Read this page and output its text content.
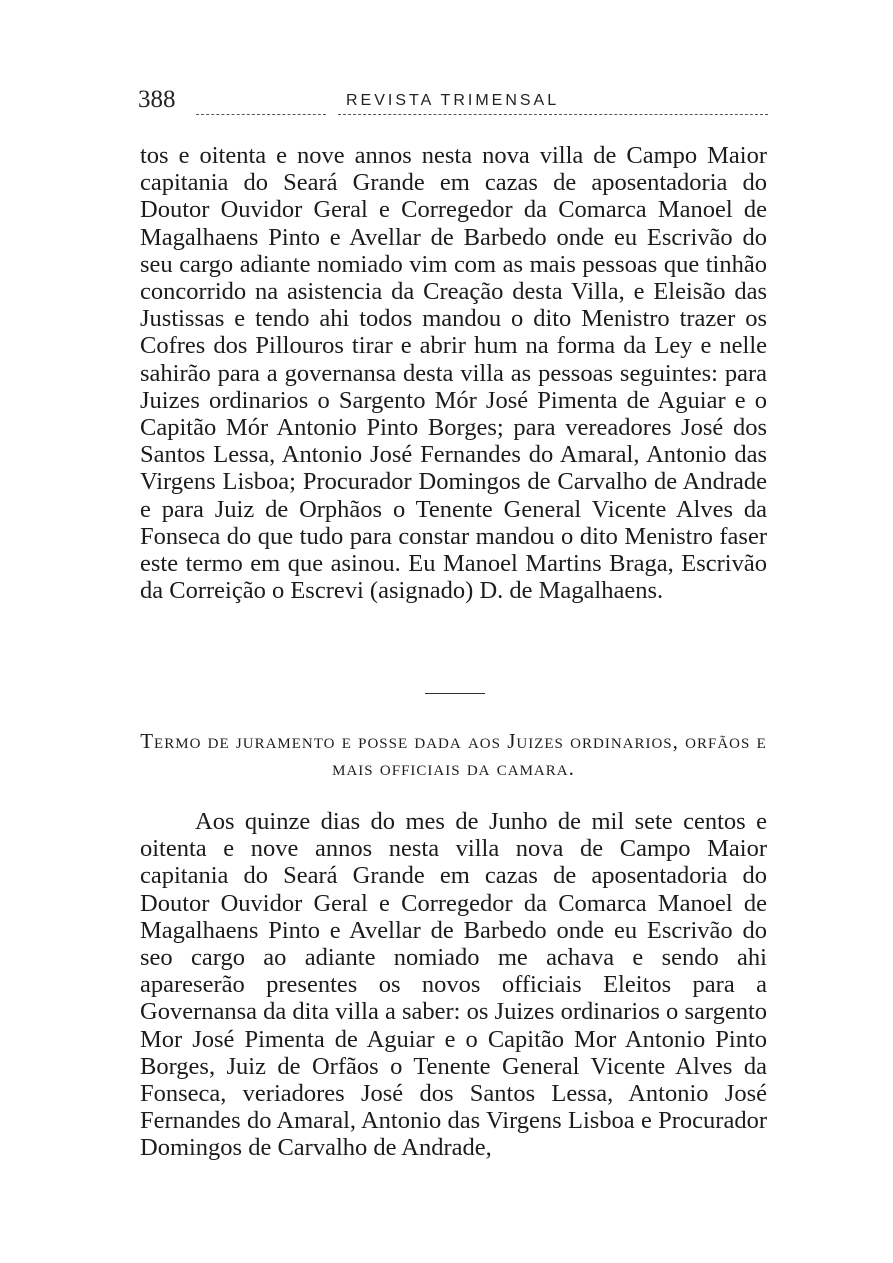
388	REVISTA TRIMENSAL

tos e oitenta e nove annos nesta nova villa de Campo Maior capitania do Seará Grande em cazas de aposentadoria do Doutor Ouvidor Geral e Corregedor da Comarca Manoel de Magalhaens Pinto e Avellar de Barbedo onde eu Escrivão do seu cargo adiante nomiado vim com as mais pessoas que tinhão concorrido na asistencia da Creação desta Villa, e Eleisão das Justissas e tendo ahi todos mandou o dito Menistro trazer os Cofres dos Pillouros tirar e abrir hum na forma da Ley e nelle sahirão para a governansa desta villa as pessoas seguintes: para Juizes ordinarios o Sargento Mór José Pimenta de Aguiar e o Capitão Mór Antonio Pinto Borges; para vereadores José dos Santos Lessa, Antonio José Fernandes do Amaral, Antonio das Virgens Lisboa; Procurador Domingos de Carvalho de Andrade e para Juiz de Orphãos o Tenente General Vicente Alves da Fonseca do que tudo para constar mandou o dito Menistro faser este termo em que asinou. Eu Manoel Martins Braga, Escrivão da Correição o Escrevi (asignado) D. de Magalhaens.

Termo de juramento e posse dada aos Juizes ordinarios, orfãos e mais officiais da camara.

Aos quinze dias do mes de Junho de mil sete centos e oitenta e nove annos nesta villa nova de Campo Maior capitania do Seará Grande em cazas de aposentadoria do Doutor Ouvidor Geral e Corregedor da Comarca Manoel de Magalhaens Pinto e Avellar de Barbedo onde eu Escrivão do seo cargo ao adiante nomiado me achava e sendo ahi apareserão presentes os novos officiais Eleitos para a Governansa da dita villa a saber: os Juizes ordinarios o sargento Mor José Pimenta de Aguiar e o Capitão Mor Antonio Pinto Borges, Juiz de Orfãos o Tenente General Vicente Alves da Fonseca, veriadores José dos Santos Lessa, Antonio José Fernandes do Amaral, Antonio das Virgens Lisboa e Procurador Domingos de Carvalho de Andrade,
